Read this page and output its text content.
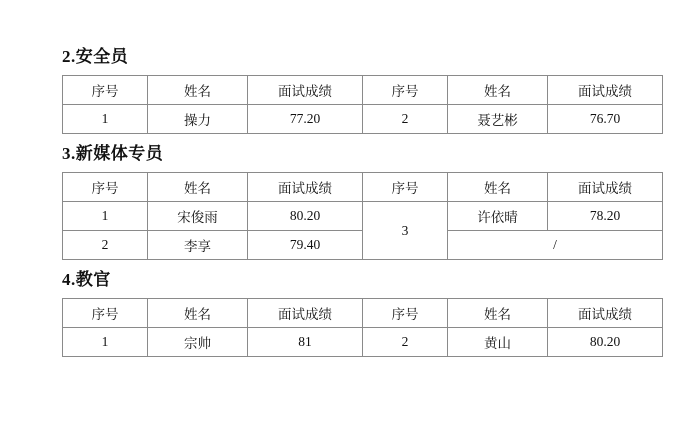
2.安全员
序号	姓名	面试成绩	序号	姓名	面试成绩
1	操力	77.20	2	聂艺彬	76.70
3.新媒体专员
序号	姓名	面试成绩	序号	姓名	面试成绩
1	宋俊雨	80.20	3	许依晴	78.20
2	李享	79.40		/	
4.教官
序号	姓名	面试成绩	序号	姓名	面试成绩
1	宗帅	81	2	黄山	80.20
